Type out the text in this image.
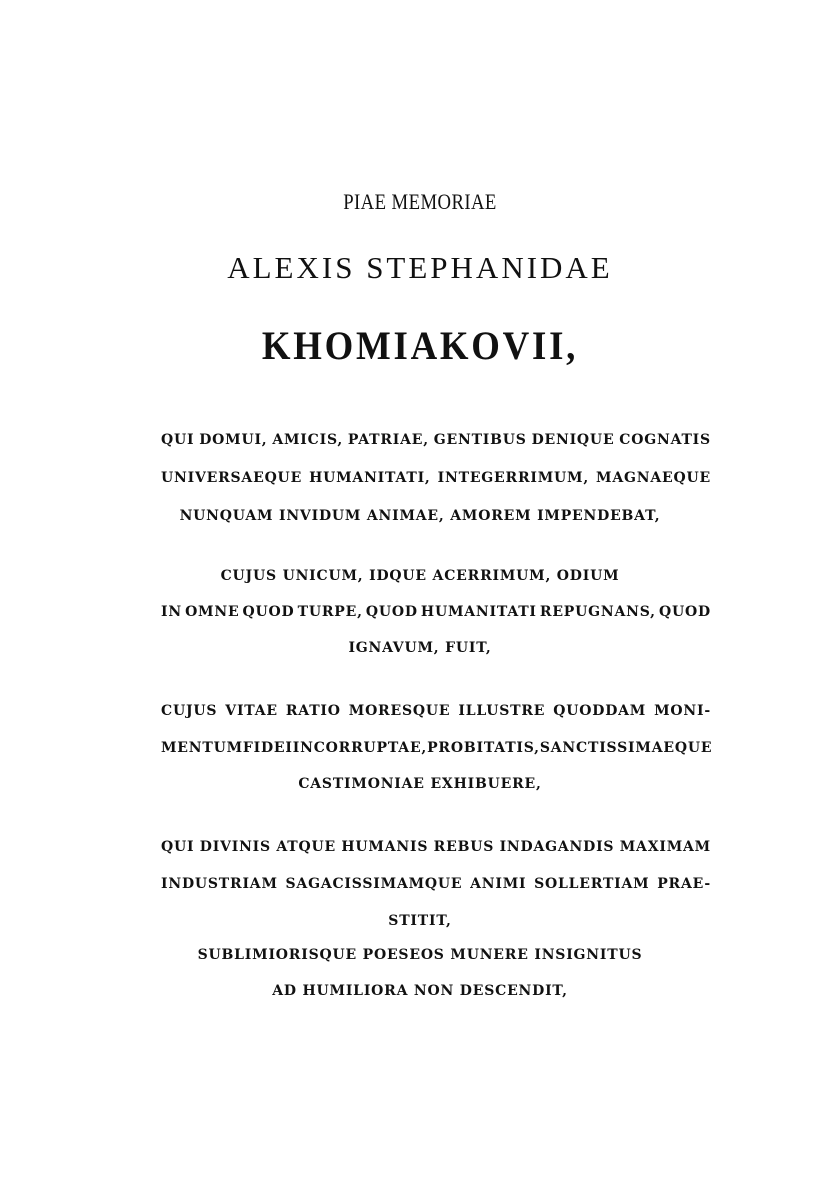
PIAE MEMORIAE
ALEXIS STEPHANIDAE
KHOMIAKOVII,
QUI DOMUI, AMICIS, PATRIAE, GENTIBUS DENIQUE COGNATIS
UNIVERSAEQUE HUMANITATI, INTEGERRIMUM, MAGNAEQUE
NUNQUAM INVIDUM ANIMAE, AMOREM IMPENDEBAT,
CUJUS UNICUM, IDQUE ACERRIMUM, ODIUM
IN OMNE QUOD TURPE, QUOD HUMANITATI REPUGNANS, QUOD
IGNAVUM, FUIT,
CUJUS VITAE RATIO MORESQUE ILLUSTRE QUODDAM MONI-
MENTUM FIDEI INCORRUPTAE, PROBITATIS, SANCTISSIMAEQUE
CASTIMONIAE EXHIBUERE,
QUI DIVINIS ATQUE HUMANIS REBUS INDAGANDIS MAXIMAM
INDUSTRIAM SAGACISSIMAMQUE ANIMI SOLLERTIAM PRAE-
STITIT,
SUBLIMIORISQUE POESEOS MUNERE INSIGNITUS
AD HUMILIORA NON DESCENDIT,
